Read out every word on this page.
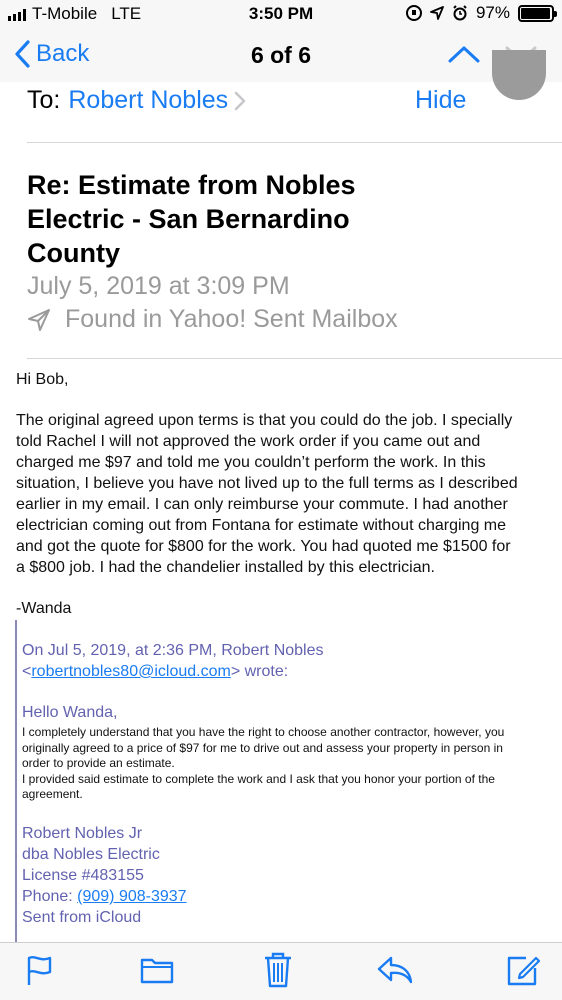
T-Mobile LTE	3:50 PM	97%
Back	6 of 6
To: Robert Nobles	Hide
Re: Estimate from Nobles Electric - San Bernardino County
July 5, 2019 at 3:09 PM
Found in Yahoo! Sent Mailbox
Hi Bob,
The original agreed upon terms is that you could do the job. I specially
told Rachel I will not approved the work order if you came out and
charged me $97 and told me you couldn’t perform the work. In this
situation, I believe you have not lived up to the full terms as I described
earlier in my email. I can only reimburse your commute. I had another
electrician coming out from Fontana for estimate without charging me
and got the quote for $800 for the work. You had quoted me $1500 for
a $800 job. I had the chandelier installed by this electrician.
-Wanda
On Jul 5, 2019, at 2:36 PM, Robert Nobles
<robertnobles80@icloud.com> wrote:
Hello Wanda,
I completely understand that you have the right to choose another contractor, however, you
originally agreed to a price of $97 for me to drive out and assess your property in person in
order to provide an estimate.
I provided said estimate to complete the work and I ask that you honor your portion of the
agreement.
Robert Nobles Jr
dba Nobles Electric
License #483155
Phone: (909) 908-3937
Sent from iCloud
